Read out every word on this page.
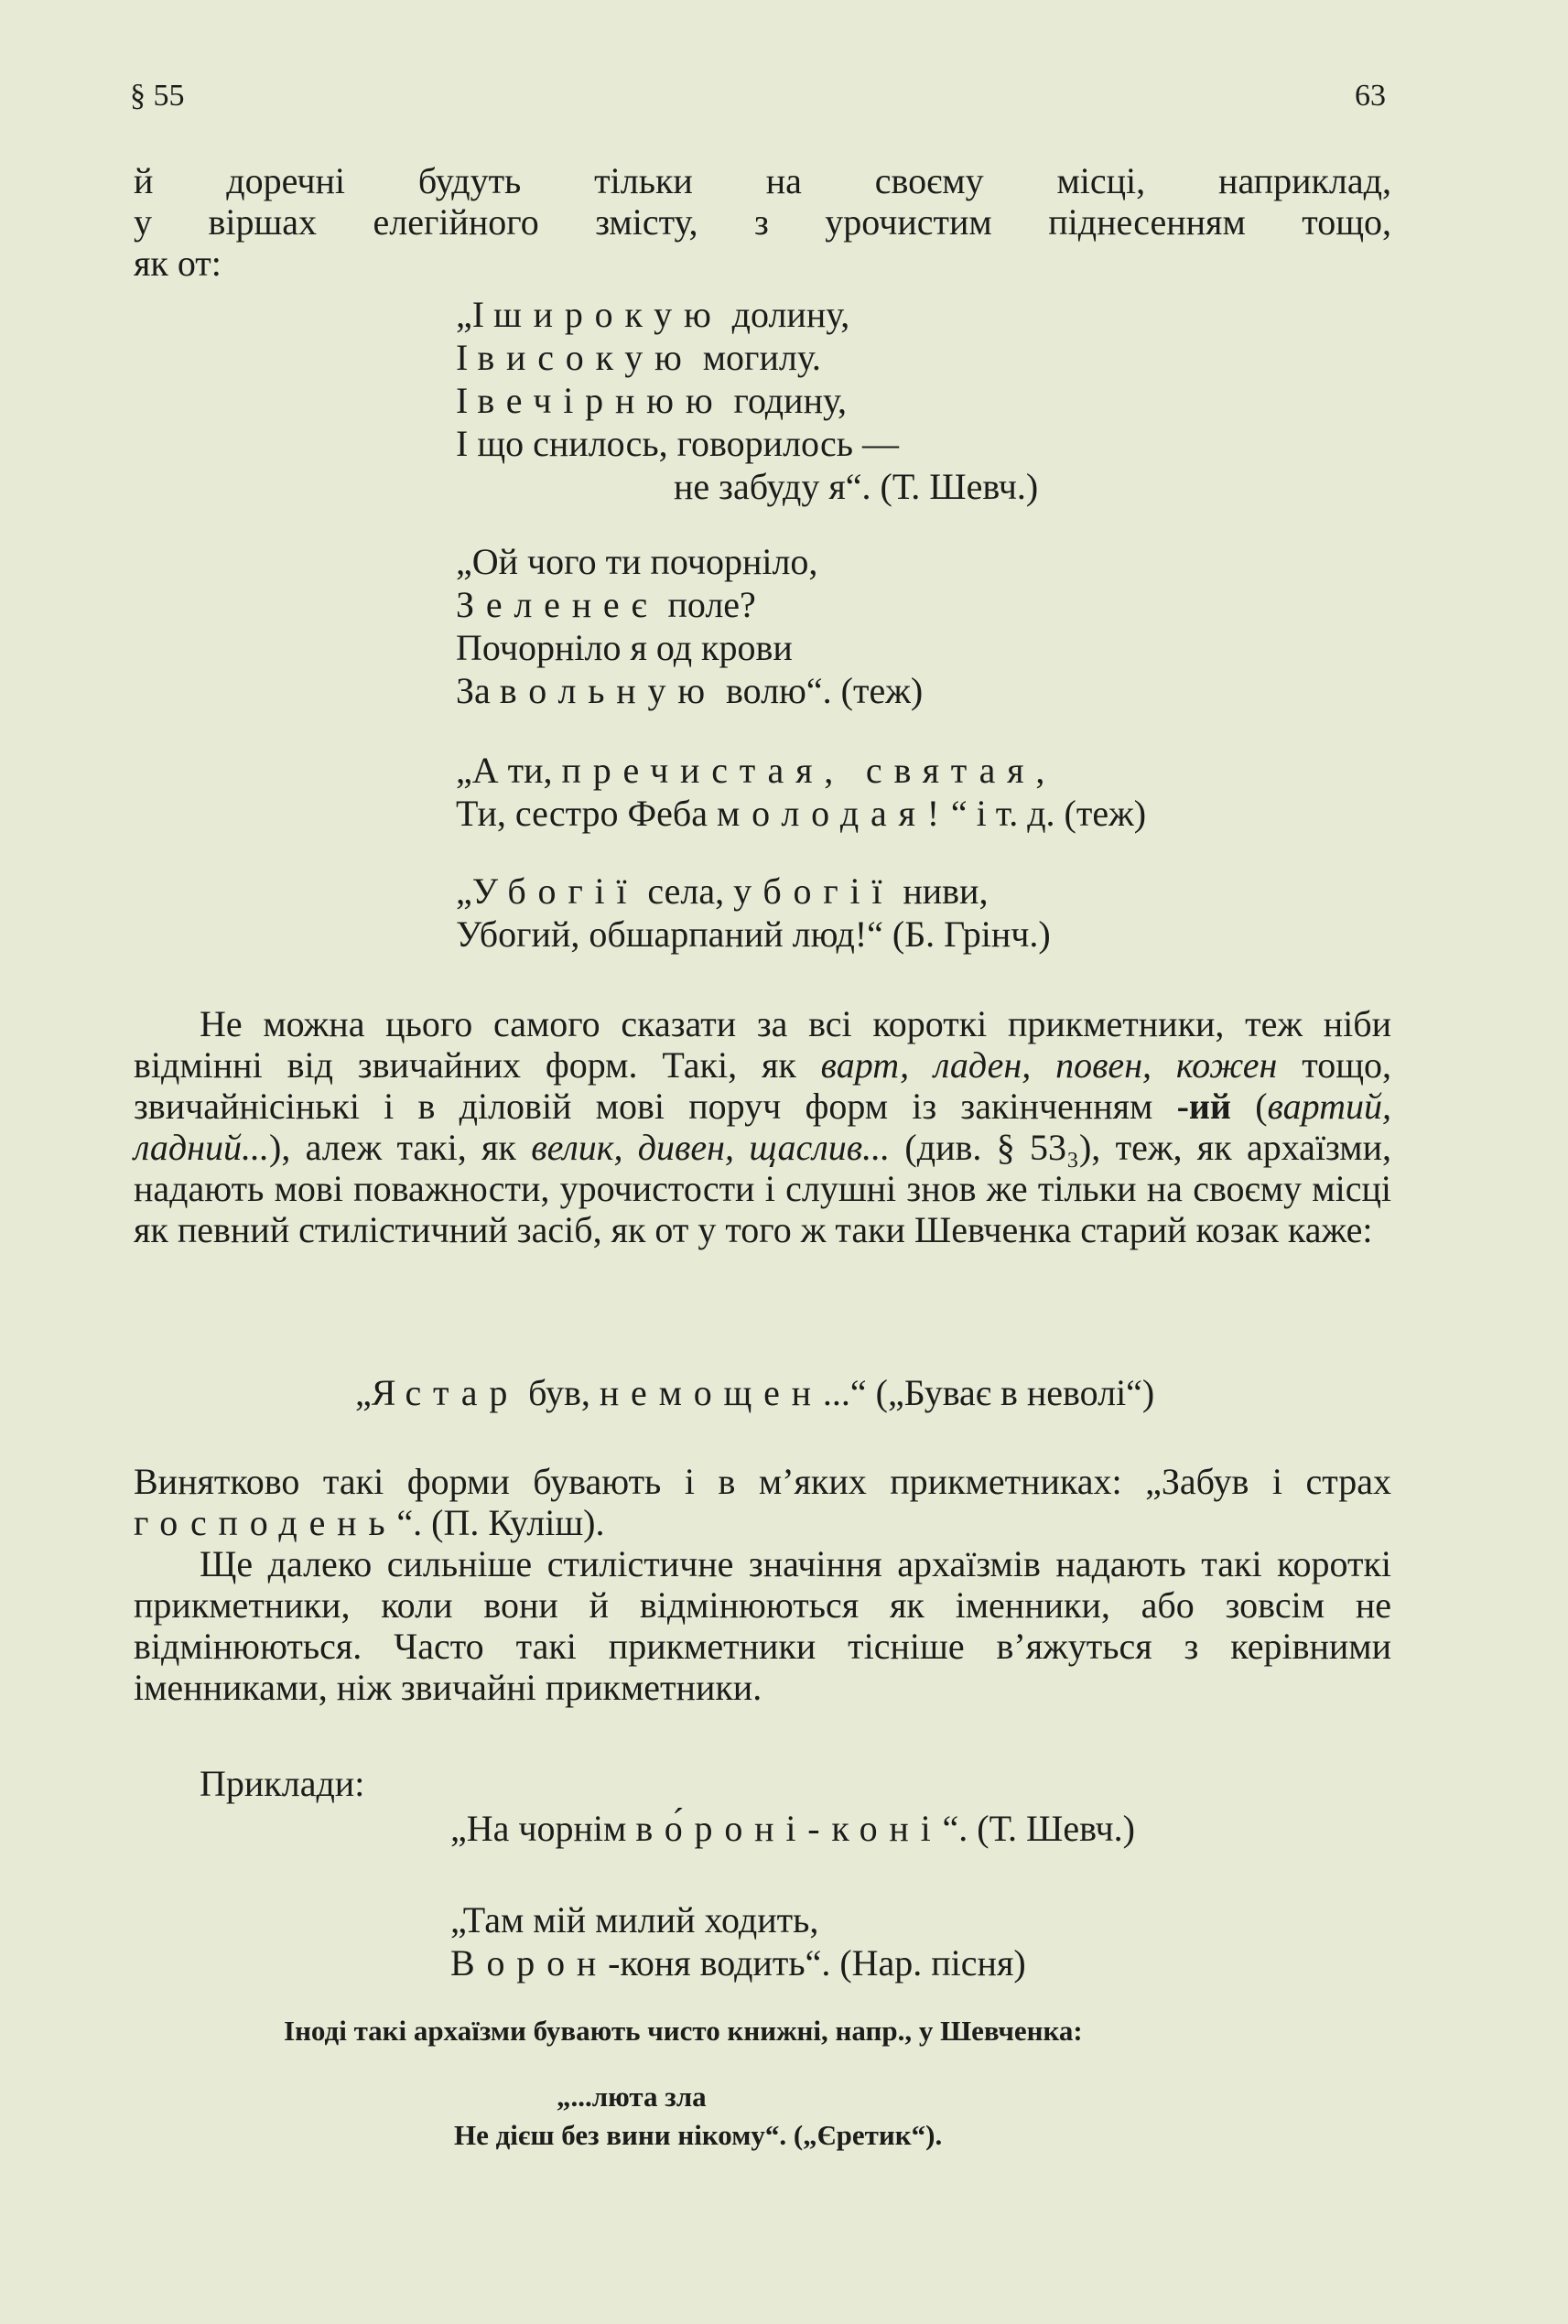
§ 55	63
й доречні будуть тільки на своєму місці, наприклад,
у віршах елегійного змісту, з урочистим піднесенням тощо,
як от:
„І широкую долину,
І високую могилу.
І вечірнюю годину,
І що снилось, говорилось —
не забуду я“. (Т. Шевч.)
„Ой чого ти почорніло,
Зеленеє поле?
Почорніло я од крови
За вольную волю“. (теж)
„А ти, пречистая, святая,
Ти, сестро Феба молодая!“ і т. д. (теж)
„Убогії села, убогії ниви,
Убогий, обшарпаний люд!“ (Б. Грінч.)

Не можна цього самого сказати за всі короткі прикметники, теж ніби відмінні від звичайних форм. Такі, як варт, ладен, повен, кожен тощо, звичайнісінькі і в діловій мові поруч форм із закінченням -ий (вартий, ладний...), алеж такі, як велик, дивен, щаслив... (див. § 53₃), теж, як архаїзми, надають мові поважности, урочистости і слушні знов же тільки на своєму місці як певний стилістичний засіб, як от у того ж таки Шевченка старий козак каже:

„Я стар був, немощен...“ („Буває в неволі“)

Винятково такі форми бувають і в м’яких прикметниках: „Забув і страх господень“. (П. Куліш).

Ще далеко сильніше стилістичне значіння архаїзмів надають такі короткі прикметники, коли вони й відмінюються як іменники, або зовсім не відмінюються. Часто такі прикметники тісніше в’яжуться з керівними іменниками, ніж звичайні прикметники.

Приклади:

„На чорнім во́роні-коні“. (Т. Шевч.)
„Там мій милий ходить,
Ворон-коня водить“. (Нар. пісня)
Іноді такі архаїзми бувають чисто книжні, напр., у Шевченка:
„...люта зла
Не дієш без вини нікому“. („Єретик“).
